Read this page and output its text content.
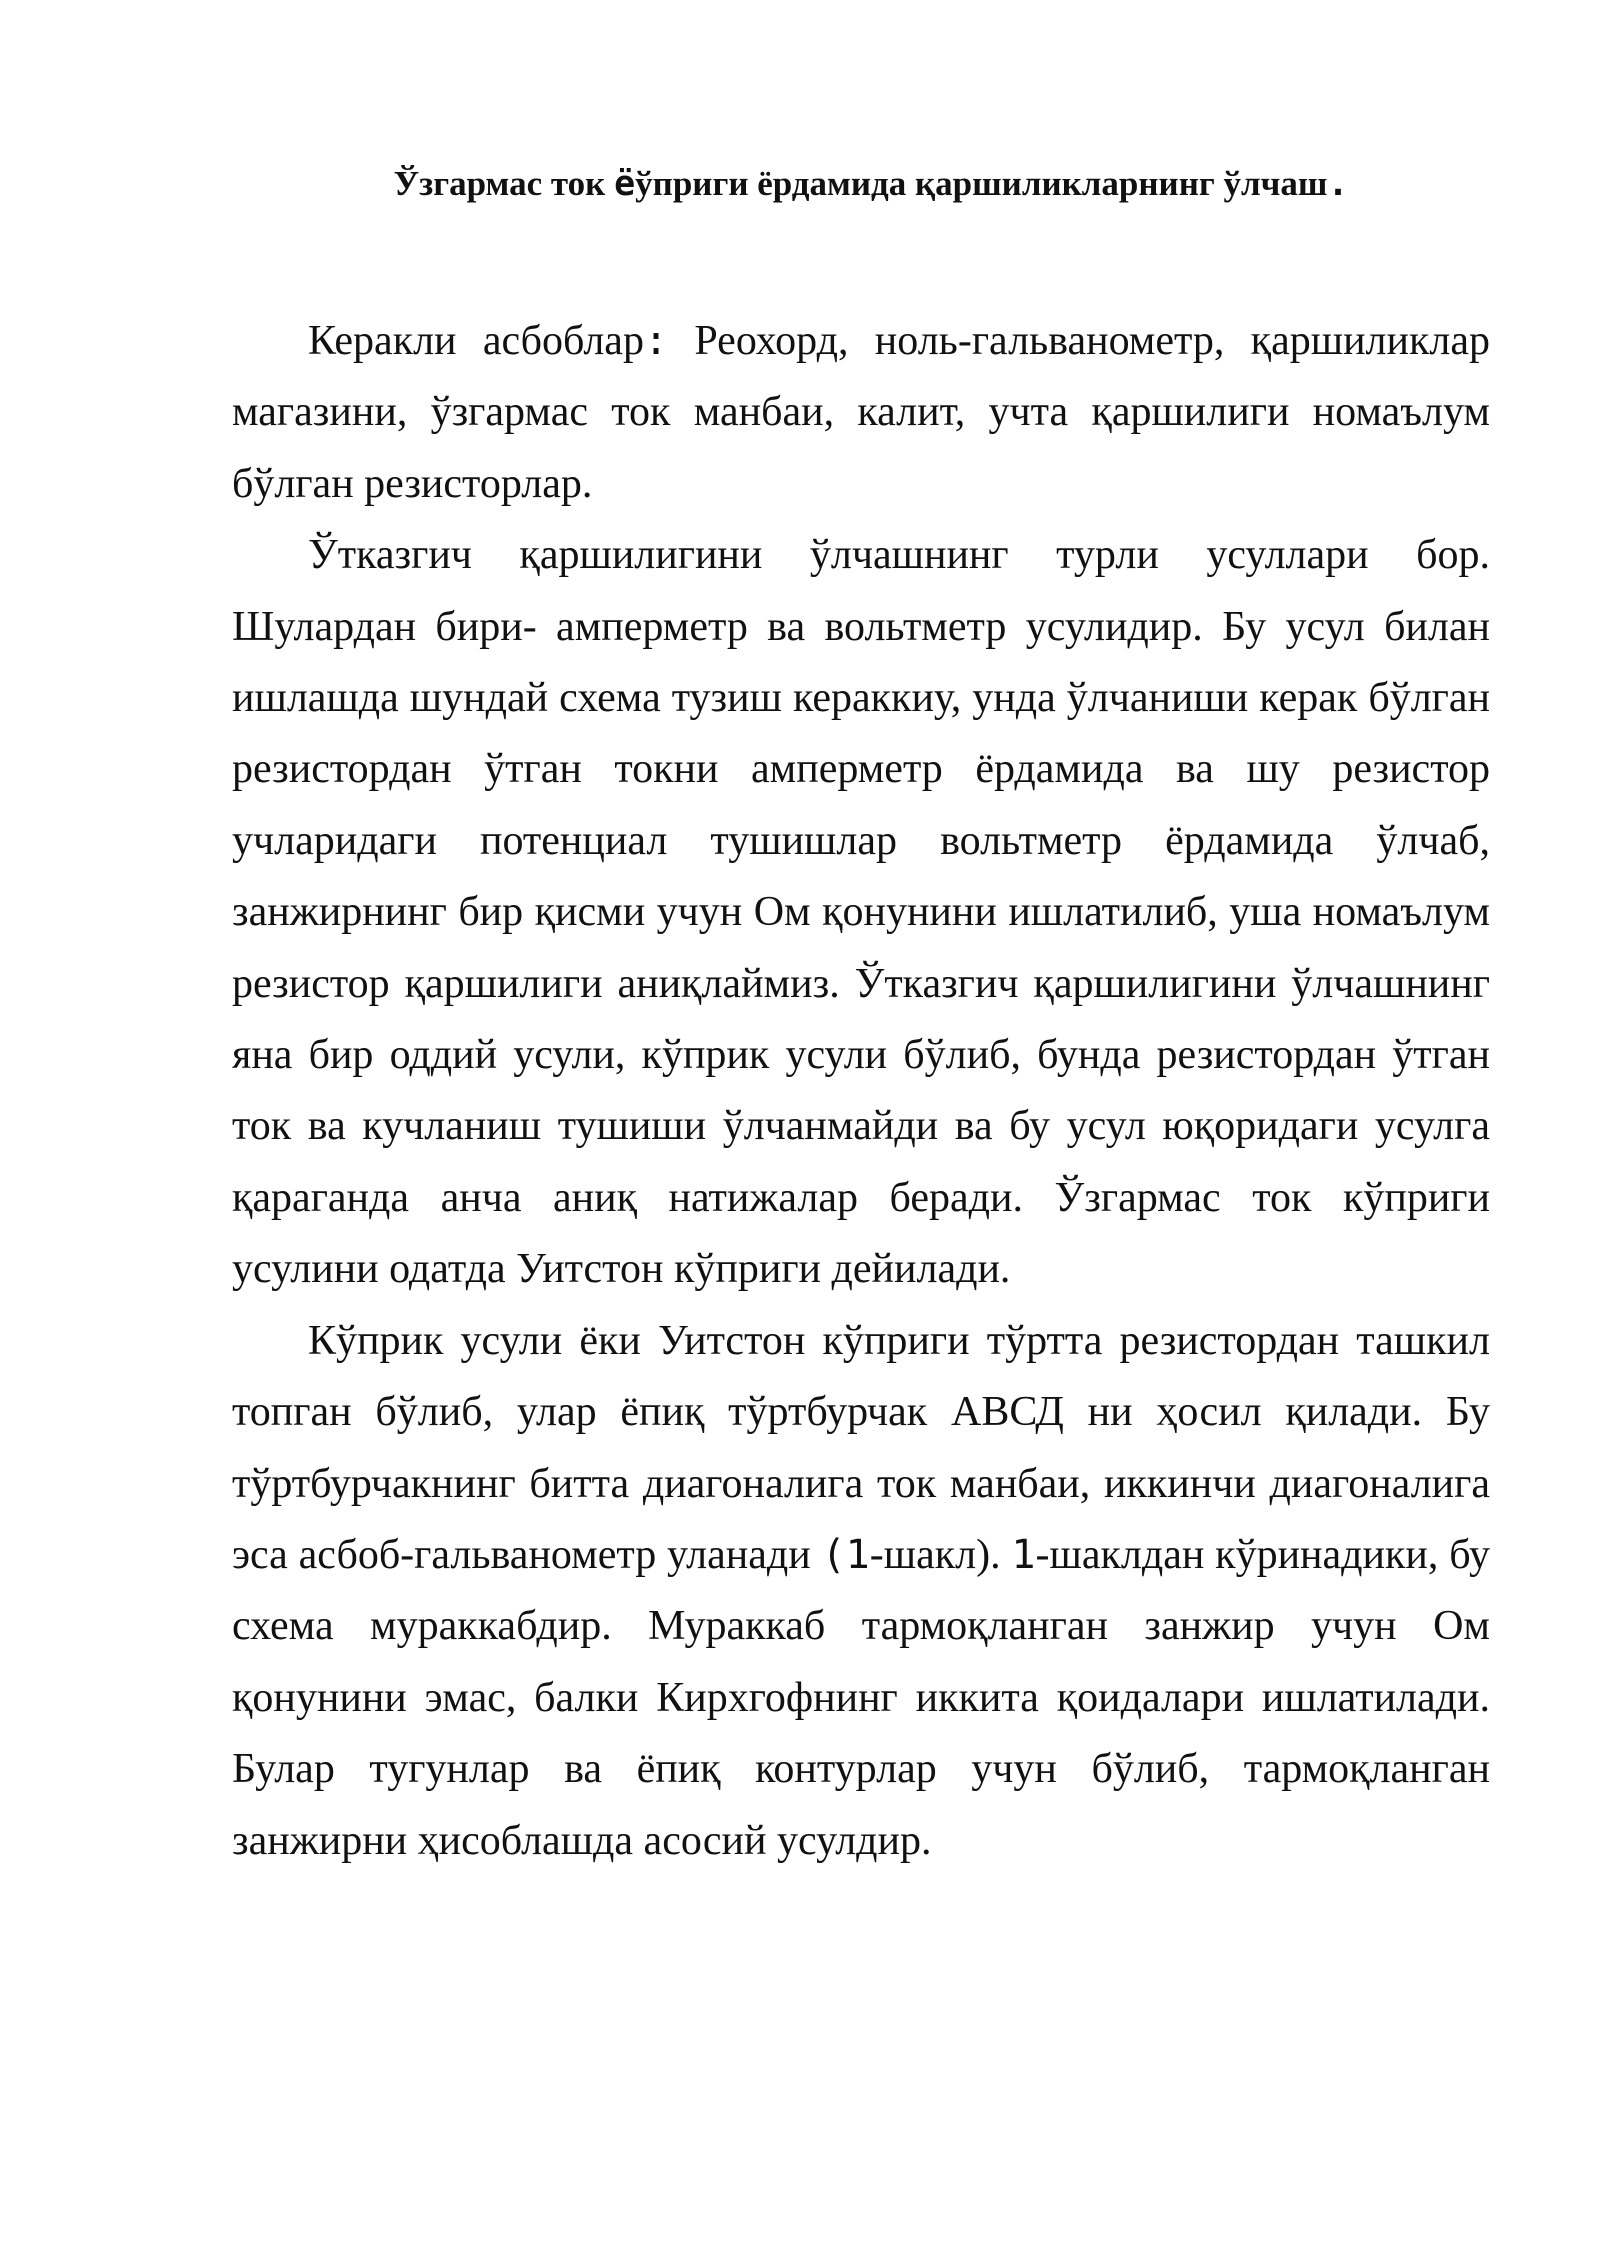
Ўзгармас ток ёўприги ёрдамида қаршиликларнинг ўлчаш.

Керакли асбоблар: Реохорд, ноль-гальванометр, қаршиликлар магазини, ўзгармас ток манбаи, калит, учта қаршилиги номаълум бўлган резисторлар.

Ўтказгич қаршилигини ўлчашнинг турли усуллари бор. Шулардан бири- амперметр ва вольтметр усулидир. Бу усул билан ишлашда шундай схема тузиш кераккиу, унда ўлчаниши керак бўлган резистордан ўтган токни амперметр ёрдамида ва шу резистор учларидаги потенциал тушишлар вольтметр ёрдамида ўлчаб, занжирнинг бир қисми учун Ом қонунини ишлатилиб, уша номаълум резистор қаршилиги аниқлаймиз. Ўтказгич қаршилигини ўлчашнинг яна бир оддий усули, кўприк усули бўлиб, бунда резистордан ўтган ток ва кучланиш тушиши ўлчанмайди ва бу усул юқоридаги усулга қараганда анча аниқ натижалар беради. Ўзгармас ток кўприги усулини одатда Уитстон кўприги дейилади.

Кўприк усули ёки Уитстон кўприги тўртта резистордан ташкил топган бўлиб, улар ёпиқ тўртбурчак АВСД ни ҳосил қилади. Бу тўртбурчакнинг битта диагоналига ток манбаи, иккинчи диагоналига эса асбоб-гальванометр уланади (1-шакл). 1-шаклдан кўринадики, бу схема мураккабдир. Мураккаб тармоқланган занжир учун Ом қонунини эмас, балки Кирхгофнинг иккита қоидалари ишлатилади. Булар тугунлар ва ёпиқ контурлар учун бўлиб, тармоқланган занжирни ҳисоблашда асосий усулдир.
